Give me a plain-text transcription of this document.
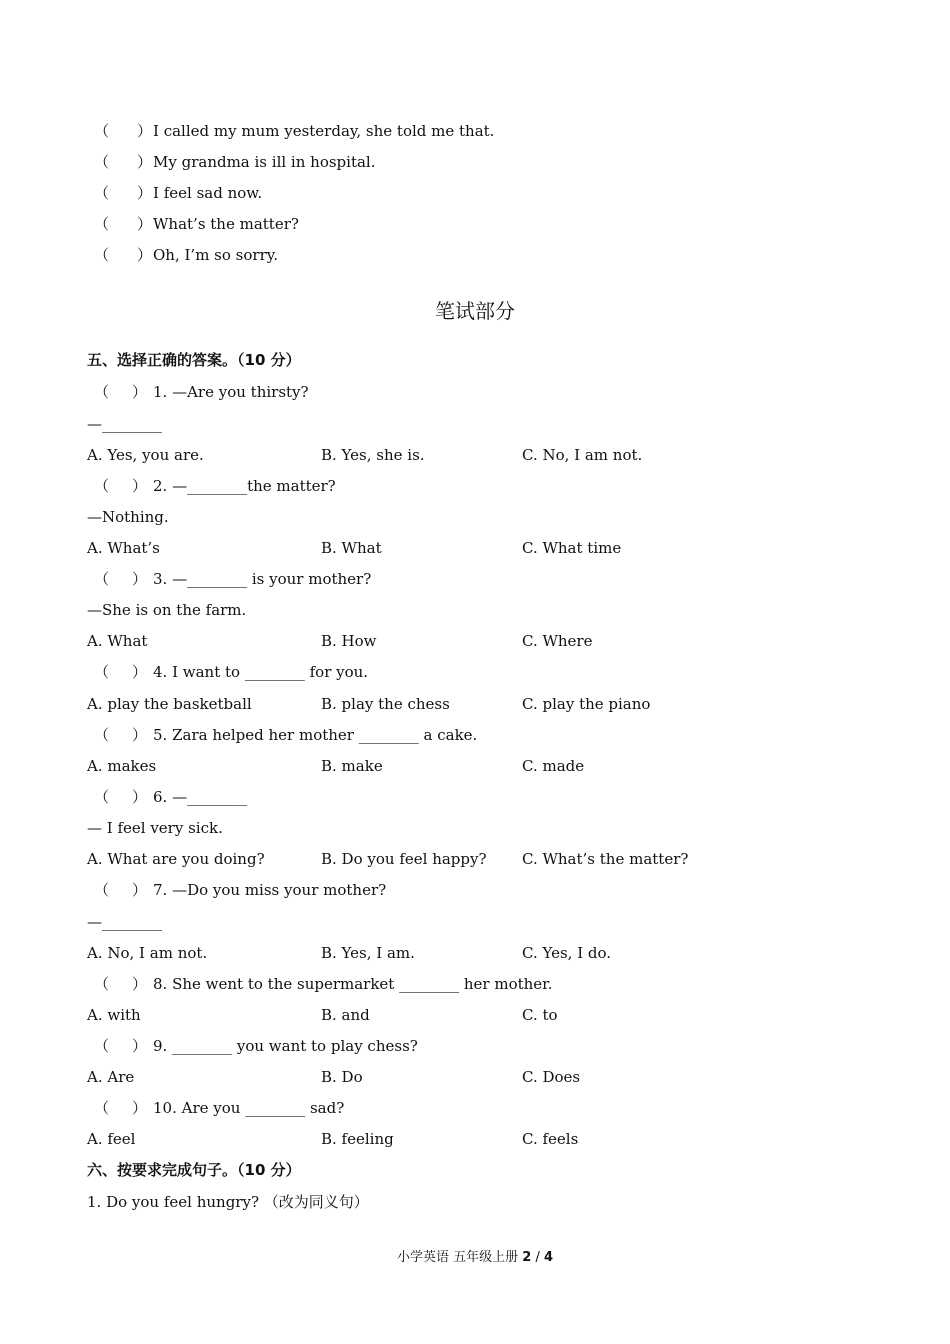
（ ） I called my mum yesterday, she told me that.
（ ） My grandma is ill in hospital.
（ ） I feel sad now.
（ ） What’s the matter?
（ ） Oh, I’m so sorry.
笔试部分
五、选择正确的答案。（10 分）
（ ） 1. —Are you thirsty?
—________
A. Yes, you are.	B. Yes, she is.	C. No, I am not.
（ ） 2. —________the matter?
—Nothing.
A. What’s	B. What	C. What time
（ ） 3. —________ is your mother?
—She is on the farm.
A. What	B. How	C. Where
（ ） 4. I want to ________ for you.
A. play the basketball	B. play the chess	C. play the piano
（ ） 5. Zara helped her mother ________ a cake.
A. makes	B. make	C. made
（ ） 6. —________
— I feel very sick.
A. What are you doing?	B. Do you feel happy? C. What’s the matter?
（ ） 7. —Do you miss your mother?
—________
A. No, I am not.	B. Yes, I am.	C. Yes, I do.
（ ） 8. She went to the supermarket ________ her mother.
A. with	B. and	C. to
（ ） 9. ________ you want to play chess?
A. Are	B. Do	C. Does
（ ） 10. Are you ________ sad?
A. feel	B. feeling	C. feels
六、按要求完成句子。（10 分）
1. Do you feel hungry? （改为同义句）
小学英语 五年级上册 2 / 4
